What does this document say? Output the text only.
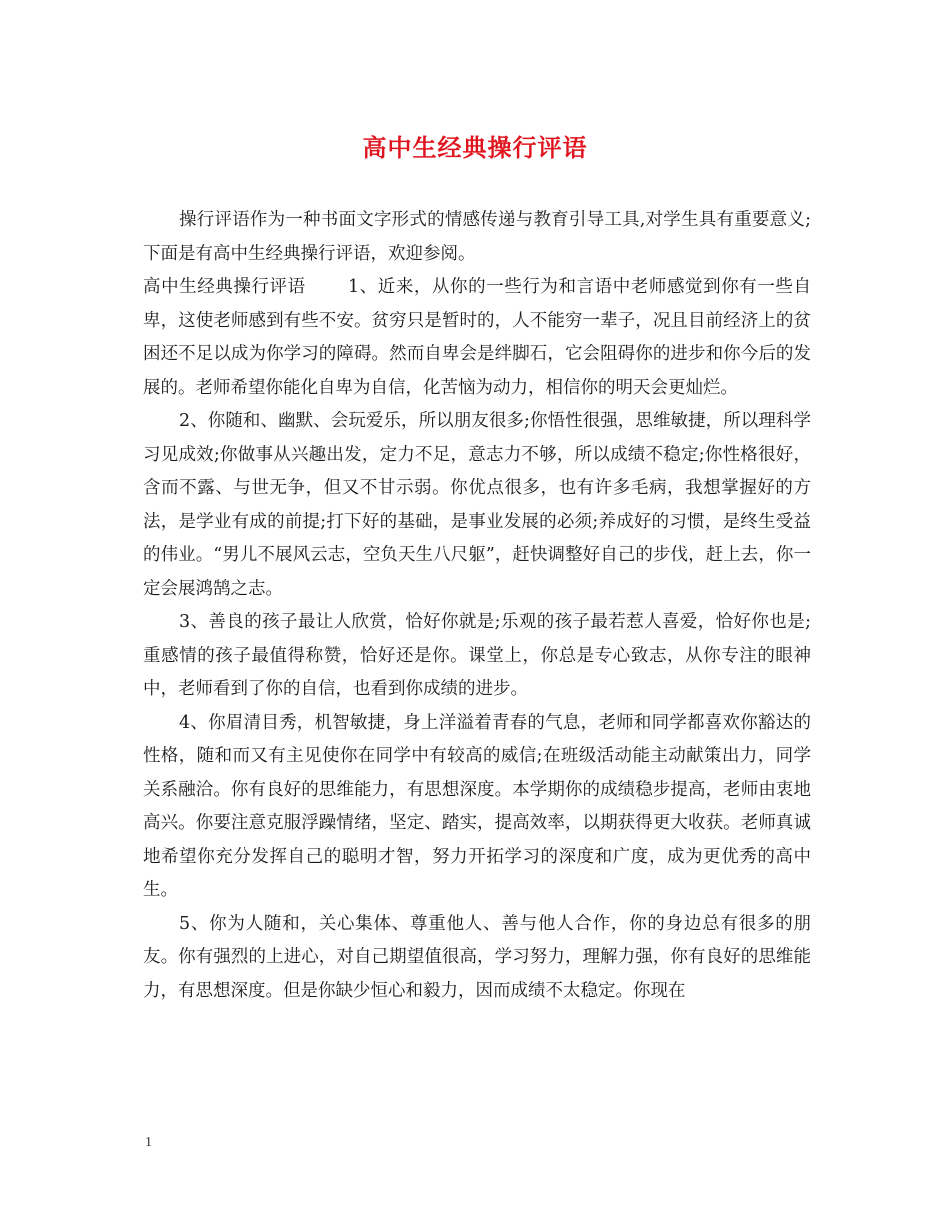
高中生经典操行评语

操行评语作为一种书面文字形式的情感传递与教育引导工具,对学生具有重要意义;下面是有高中生经典操行评语，欢迎参阅。

高中生经典操行评语　　 1、近来，从你的一些行为和言语中老师感觉到你有一些自卑，这使老师感到有些不安。贫穷只是暂时的，人不能穷一辈子，况且目前经济上的贫困还不足以成为你学习的障碍。然而自卑会是绊脚石，它会阻碍你的进步和你今后的发展的。老师希望你能化自卑为自信，化苦恼为动力，相信你的明天会更灿烂。

2、你随和、幽默、会玩爱乐，所以朋友很多;你悟性很强，思维敏捷，所以理科学习见成效;你做事从兴趣出发，定力不足，意志力不够，所以成绩不稳定;你性格很好，含而不露、与世无争，但又不甘示弱。你优点很多，也有许多毛病，我想掌握好的方法，是学业有成的前提;打下好的基础，是事业发展的必须;养成好的习惯，是终生受益的伟业。“男儿不展风云志，空负天生八尺躯”，赶快调整好自己的步伐，赶上去，你一定会展鸿鹄之志。

3、善良的孩子最让人欣赏，恰好你就是;乐观的孩子最若惹人喜爱，恰好你也是;重感情的孩子最值得称赞，恰好还是你。课堂上，你总是专心致志，从你专注的眼神中，老师看到了你的自信，也看到你成绩的进步。

4、你眉清目秀，机智敏捷，身上洋溢着青春的气息，老师和同学都喜欢你豁达的性格，随和而又有主见使你在同学中有较高的威信;在班级活动能主动献策出力，同学关系融洽。你有良好的思维能力，有思想深度。本学期你的成绩稳步提高，老师由衷地高兴。你要注意克服浮躁情绪，坚定、踏实，提高效率，以期获得更大收获。老师真诚地希望你充分发挥自己的聪明才智，努力开拓学习的深度和广度，成为更优秀的高中生。

5、你为人随和，关心集体、尊重他人、善与他人合作，你的身边总有很多的朋友。你有强烈的上进心，对自己期望值很高，学习努力，理解力强，你有良好的思维能力，有思想深度。但是你缺少恒心和毅力，因而成绩不太稳定。你现在

1
